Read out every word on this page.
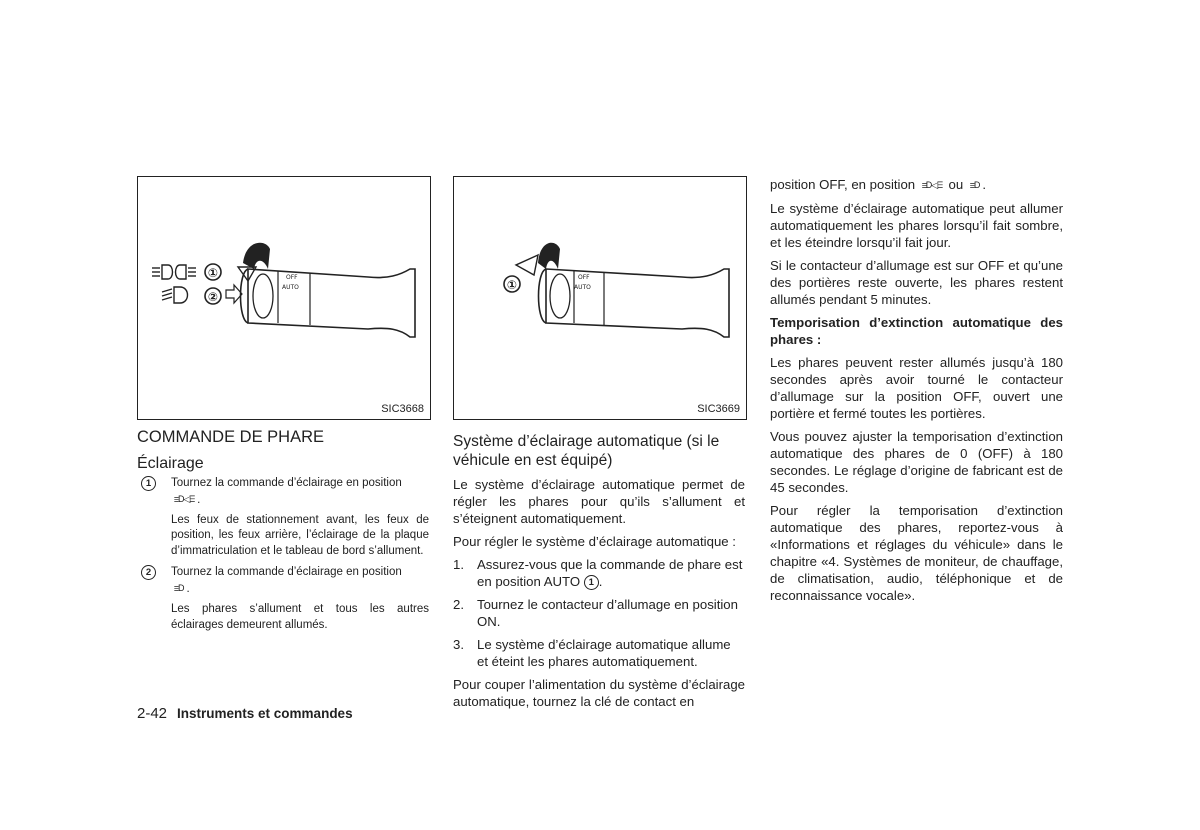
OFF
AUTO
①
②
SIC3668
OFF
AUTO
①
SIC3669
COMMANDE DE PHARE
Éclairage
1	Tournez la commande d’éclairage en position
ⲷD◁Ⲷ .

Les feux de stationnement avant, les feux de position, les feux arrière, l’éclairage de la plaque d’immatriculation et le tableau de bord s’allument.

2	Tournez la commande d’éclairage en position
ⲷD .

Les phares s’allument et tous les autres éclairages demeurent allumés.

Système d’éclairage automatique (si le véhicule en est équipé)

Le système d’éclairage automatique permet de régler les phares pour qu’ils s’allument et s’éteignent automatiquement.

Pour régler le système d’éclairage automatique :

1. Assurez-vous que la commande de phare est en position AUTO 1 .
2. Tournez le contacteur d’allumage en position ON.
3. Le système d’éclairage automatique allume et éteint les phares automatiquement.

Pour couper l’alimentation du système d’éclairage automatique, tournez la clé de contact en

position OFF, en position ⲷD◁Ⲷ ou ⲷD .

Le système d’éclairage automatique peut allumer automatiquement les phares lorsqu’il fait sombre, et les éteindre lorsqu’il fait jour.

Si le contacteur d’allumage est sur OFF et qu’une des portières reste ouverte, les phares restent allumés pendant 5 minutes.

Temporisation d’extinction automatique des phares :

Les phares peuvent rester allumés jusqu’à 180 secondes après avoir tourné le contacteur d’allumage sur la position OFF, ouvert une portière et fermé toutes les portières.

Vous pouvez ajuster la temporisation d’extinction automatique des phares de 0 (OFF) à 180 secondes. Le réglage d’origine de fabricant est de 45 secondes.

Pour régler la temporisation d’extinction automatique des phares, reportez-vous à «Informations et réglages du véhicule» dans le chapitre «4. Systèmes de moniteur, de chauffage, de climatisation, audio, téléphonique et de reconnaissance vocale».

2-42 Instruments et commandes
